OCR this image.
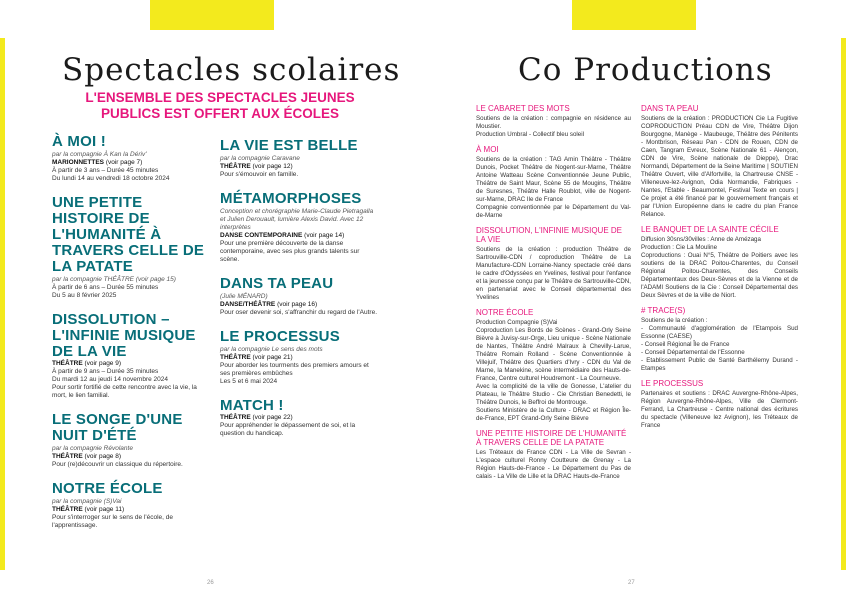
Spectacles scolaires
L'ENSEMBLE DES SPECTACLES JEUNES PUBLICS EST OFFERT AUX ÉCOLES
À MOI !
par la compagnie À Kan la Dériv'
MARIONNETTES (voir page 7)
À partir de 3 ans – Durée 45 minutes
Du lundi 14 au vendredi 18 octobre 2024
UNE PETITE HISTOIRE DE L'HUMANITÉ À TRAVERS CELLE DE LA PATATE
par la compagnie THÉÂTRE (voir page 15)
À partir de 6 ans – Durée 55 minutes
Du 5 au 8 février 2025
DISSOLUTION – L'INFINIE MUSIQUE DE LA VIE
THÉÂTRE (voir page 9)
À partir de 9 ans – Durée 35 minutes
Du mardi 12 au jeudi 14 novembre 2024
Pour sortir fortifié de cette rencontre avec la vie, la mort, le lien familial.
LE SONGE D'UNE NUIT D'ÉTÉ
par la compagnie Révolante
THÉÂTRE (voir page 8)
Pour (re)découvrir un classique du répertoire.
NOTRE ÉCOLE
par la compagnie (S)Vai
THÉÂTRE (voir page 11)
Pour s'interroger sur le sens de l'école, de l'apprentissage.
LA VIE EST BELLE
par la compagnie Caravane
THÉÂTRE (voir page 12)
Pour s'émouvoir en famille.
MÉTAMORPHOSES
Conception et chorégraphie Marie-Claude Pietragalla et Julien Derouault, lumière Alexis David. Avec 12 interprètes
DANSE CONTEMPORAINE (voir page 14)
Pour une première découverte de la danse contemporaine, avec ses plus grands talents sur scène.
DANS TA PEAU
(Julie MÉNARD)
DANSE/THÉÂTRE (voir page 16)
Pour oser devenir soi, s'affranchir du regard de l'Autre.
LE PROCESSUS
par la compagnie Le sens des mots
THÉÂTRE (voir page 21)
Pour aborder les tourments des premiers amours et ses premières embûches
Les 5 et 6 mai 2024
MATCH !
THÉÂTRE (voir page 22)
Pour appréhender le dépassement de soi, et la question du handicap.
26
Co Productions
LE CABARET DES MOTS
Soutiens de la création : compagnie en résidence au Moustier.
Production Umbral - Collectif bleu soleil
À MOI
Soutiens de la création : TAG Amin Théâtre - Théâtre Dunois, Pocket Théâtre de Nogent-sur-Marne, Théâtre Antoine Watteau Scène Conventionnée Jeune Public, Théâtre de Saint Maur, Scène 55 de Mougins, Théâtre de Suresnes, Théâtre Halle Roublot, ville de Nogent-sur-Marne, DRAC Ile de France
Compagnie conventionnée par le Département du Val-de-Marne
DISSOLUTION, L'INFINIE MUSIQUE DE LA VIE
Soutiens de la création : production Théâtre de Sartrouville-CDN / coproduction Théâtre de La Manufacture-CDN Lorraine-Nancy spectacle créé dans le cadre d'Odyssées en Yvelines, festival pour l'enfance et la jeunesse conçu par le Théâtre de Sartrouville-CDN, en partenariat avec le Conseil départemental des Yvelines
NOTRE ÉCOLE
Production Compagnie (S)Vai
Coproduction Les Bords de Scènes - Grand-Orly Seine Bièvre à Juvisy-sur-Orge, Lieu unique - Scène Nationale de Nantes, Théâtre André Malraux à Chevilly-Larue, Théâtre Romain Rolland - Scène Conventionnée à Villejuif, Théâtre des Quartiers d'Ivry - CDN du Val de Marne, la Manekine, scène intermédiaire des Hauts-de-France, Centre culturel Houdremont - La Courneuve.
Avec la complicité de la ville de Gonesse, L'atelier du Plateau, le Théâtre Studio - Cie Christian Benedetti, le Théâtre Dunois, le Beffroi de Montrouge.
Soutiens Ministère de la Culture - DRAC et Région Île-de-France, EPT Grand-Orly Seine Bièvre
UNE PETITE HISTOIRE DE L'HUMANITÉ À TRAVERS CELLE DE LA PATATE
Les Tréteaux de France CDN - La Ville de Sevran - L'espace culturel Ronny Coutteure de Grenay - La Région Hauts-de-France - Le Département du Pas de calais - La Ville de Lille et la DRAC Hauts-de-France
DANS TA PEAU
Soutiens de la création : PRODUCTION Cie La Fugitive COPRODUCTION Préau CDN de Vire, Théâtre Dijon Bourgogne, Manège - Maubeuge, Théâtre des Pénitents - Montbrison, Réseau Pan - CDN de Rouen, CDN de Caen, Tangram Evreux, Scène Nationale 61 - Alençon, CDN de Vire, Scène nationale de Dieppe), Drac Normandi, Département de la Seine Maritime | SOUTIEN Théâtre Ouvert, ville d'Alfortville, la Chartreuse CNSE - Villeneuve-lez-Avignon, Odia Normandie, Fabriques - Nantes, l'Etable - Beaumontel, Festival Texte en cours | Ce projet a été financé par le gouvernement français et par l'Union Européenne dans le cadre du plan France Relance.
LE BANQUET DE LA SAINTE CÉCILE
Diffusion 30sns/30villes : Anne de Amézaga
Production : Cie La Mouline
Coproductions : Ouai N°5, Théâtre de Poitiers avec les soutiens de la DRAC Poitou-Charentes, du Conseil Régional Poitou-Charentes, des Conseils Départementaux des Deux-Sèvres et de la Vienne et de l'ADAMI Soutiens de la Cie : Conseil Départemental des Deux Sèvres et de la ville de Niort.
# TRACE(S)
Soutiens de la création :
- Communauté d'agglomération de l'Etampois Sud Essonne (CAESE)
- Conseil Régional Île de France
- Conseil Départemental de l'Essonne
- Etablissement Public de Santé Barthélemy Durand - Etampes
LE PROCESSUS
Partenaires et soutiens : DRAC Auvergne-Rhône-Alpes, Région Auvergne-Rhône-Alpes, Ville de Clermont-Ferrand, La Chartreuse - Centre national des écritures du spectacle (Villeneuve lez Avignon), les Tréteaux de France
27
